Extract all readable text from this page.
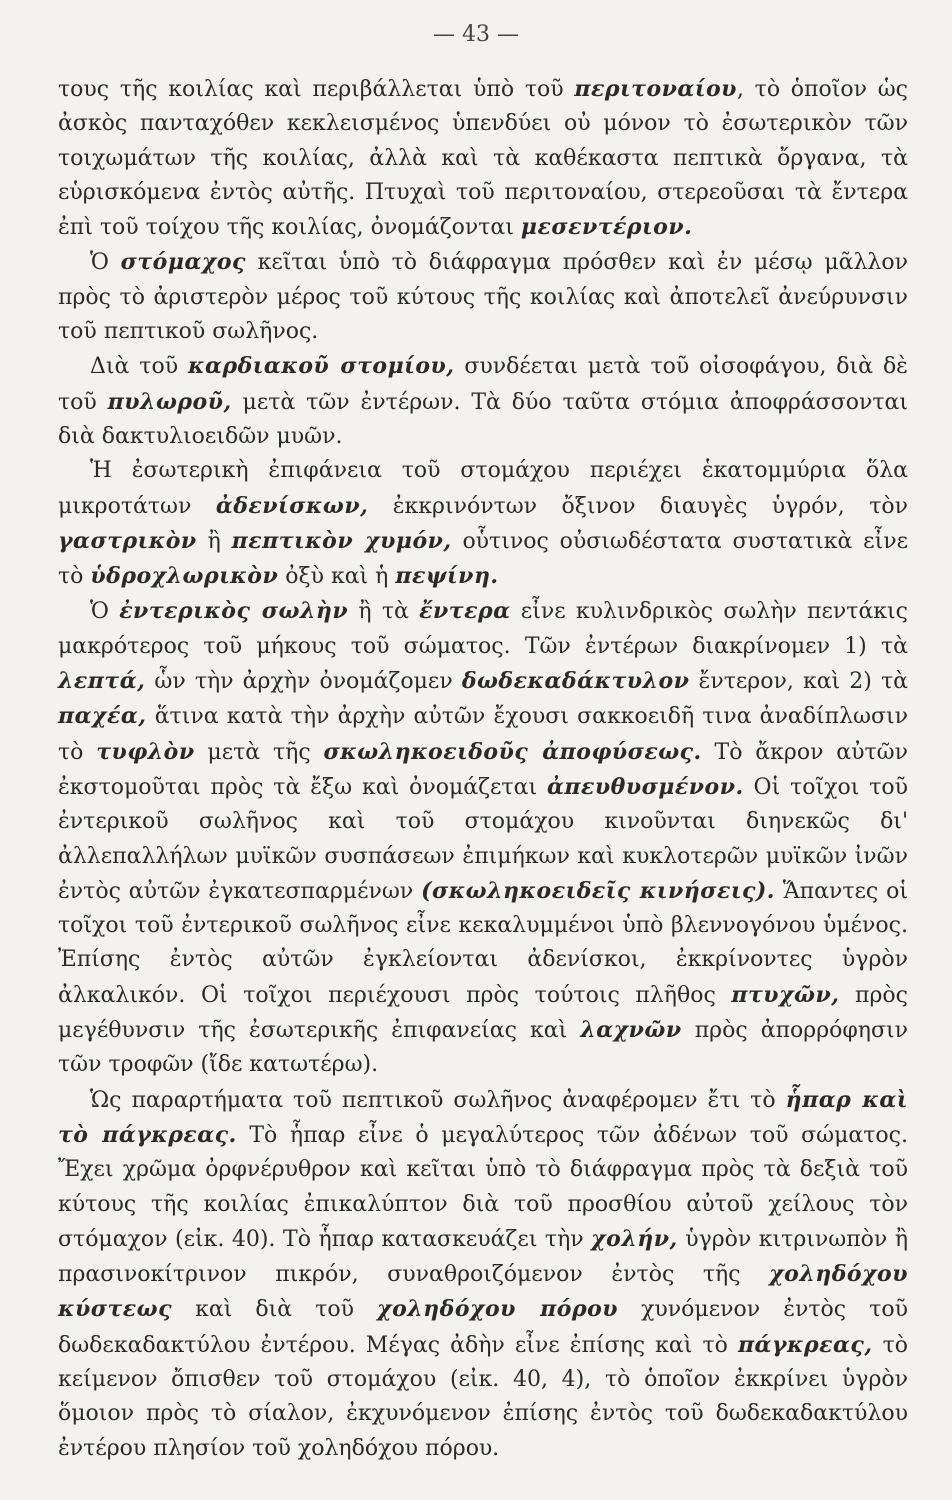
— 43 —

τους τῆς κοιλίας καὶ περιβάλλεται ὑπὸ τοῦ περιτοναίου, τὸ ὁποῖον ὡς ἀσκὸς πανταχόθεν κεκλεισμένος ὑπενδύει οὐ μόνον τὸ ἐσωτερικὸν τῶν τοιχωμάτων τῆς κοιλίας, ἀλλὰ καὶ τὰ καθέκαστα πεπτικὰ ὄργανα, τὰ εὑρισκόμενα ἐντὸς αὐτῆς. Πτυχαὶ τοῦ περιτοναίου, στερεοῦσαι τὰ ἔντερα ἐπὶ τοῦ τοίχου τῆς κοιλίας, ὀνομάζονται μεσεντέριον.

Ὁ στόμαχος κεῖται ὑπὸ τὸ διάφραγμα πρόσθεν καὶ ἐν μέσῳ μᾶλλον πρὸς τὸ ἀριστερὸν μέρος τοῦ κύτους τῆς κοιλίας καὶ ἀποτελεῖ ἀνεύρυνσιν τοῦ πεπτικοῦ σωλῆνος.

Διὰ τοῦ καρδιακοῦ στομίου, συνδέεται μετὰ τοῦ οἰσοφάγου, διὰ δὲ τοῦ πυλωροῦ, μετὰ τῶν ἐντέρων. Τὰ δύο ταῦτα στόμια ἀποφράσσονται διὰ δακτυλιοειδῶν μυῶν.

Ἡ ἐσωτερικὴ ἐπιφάνεια τοῦ στομάχου περιέχει ἑκατομμύρια ὅλα μικροτάτων ἀδενίσκων, ἐκκρινόντων ὄξινον διαυγὲς ὑγρόν, τὸν γαστρικὸν ἢ πεπτικὸν χυμόν, οὗτινος οὐσιωδέστατα συστατικὰ εἶνε τὸ ὑδροχλωρικὸν ὀξὺ καὶ ἡ πεψίνη.

Ὁ ἐντερικὸς σωλὴν ἢ τὰ ἔντερα εἶνε κυλινδρικὸς σωλὴν πεντάκις μακρότερος τοῦ μήκους τοῦ σώματος. Τῶν ἐντέρων διακρίνομεν 1) τὰ λεπτά, ὧν τὴν ἀρχὴν ὀνομάζομεν δωδεκαδάκτυλον ἔντερον, καὶ 2) τὰ παχέα, ἅτινα κατὰ τὴν ἀρχὴν αὐτῶν ἔχουσι σακκοειδῆ τινα ἀναδίπλωσιν τὸ τυφλὸν μετὰ τῆς σκωληκοειδοῦς ἀποφύσεως. Τὸ ἄκρον αὐτῶν ἐκστομοῦται πρὸς τὰ ἔξω καὶ ὀνομάζεται ἀπευθυσμένον. Οἱ τοῖχοι τοῦ ἐντερικοῦ σωλῆνος καὶ τοῦ στομάχου κινοῦνται διηνεκῶς δι' ἀλλεπαλλήλων μυϊκῶν συσπάσεων ἐπιμήκων καὶ κυκλοτερῶν μυϊκῶν ἰνῶν ἐντὸς αὐτῶν ἐγκατεσπαρμένων (σκωληκοειδεῖς κινήσεις). Ἅπαντες οἱ τοῖχοι τοῦ ἐντερικοῦ σωλῆνος εἶνε κεκαλυμμένοι ὑπὸ βλεννογόνου ὑμένος. Ἐπίσης ἐντὸς αὐτῶν ἐγκλείονται ἀδενίσκοι, ἐκκρίνοντες ὑγρὸν ἀλκαλικόν. Οἱ τοῖχοι περιέχουσι πρὸς τούτοις πλῆθος πτυχῶν, πρὸς μεγέθυνσιν τῆς ἐσωτερικῆς ἐπιφανείας καὶ λαχνῶν πρὸς ἀπορρόφησιν τῶν τροφῶν (ἴδε κατωτέρω).

Ὡς παραρτήματα τοῦ πεπτικοῦ σωλῆνος ἀναφέρομεν ἔτι τὸ ἧπαρ καὶ τὸ πάγκρεας. Τὸ ἧπαρ εἶνε ὁ μεγαλύτερος τῶν ἀδένων τοῦ σώματος. Ἔχει χρῶμα ὀρφνέρυθρον καὶ κεῖται ὑπὸ τὸ διάφραγμα πρὸς τὰ δεξιὰ τοῦ κύτους τῆς κοιλίας ἐπικαλύπτον διὰ τοῦ προσθίου αὐτοῦ χείλους τὸν στόμαχον (εἰκ. 40). Τὸ ἧπαρ κατασκευάζει τὴν χολήν, ὑγρὸν κιτρινωπὸν ἢ πρασινοκίτρινον πικρόν, συναθροιζόμενον ἐντὸς τῆς χοληδόχου κύστεως καὶ διὰ τοῦ χοληδόχου πόρου χυνόμενον ἐντὸς τοῦ δωδεκαδακτύλου ἐντέρου. Μέγας ἀδὴν εἶνε ἐπίσης καὶ τὸ πάγκρεας, τὸ κείμενον ὄπισθεν τοῦ στομάχου (εἰκ. 40, 4), τὸ ὁποῖον ἐκκρίνει ὑγρὸν ὅμοιον πρὸς τὸ σίαλον, ἐκχυνόμενον ἐπίσης ἐντὸς τοῦ δωδεκαδακτύλου ἐντέρου πλησίον τοῦ χοληδόχου πόρου.
